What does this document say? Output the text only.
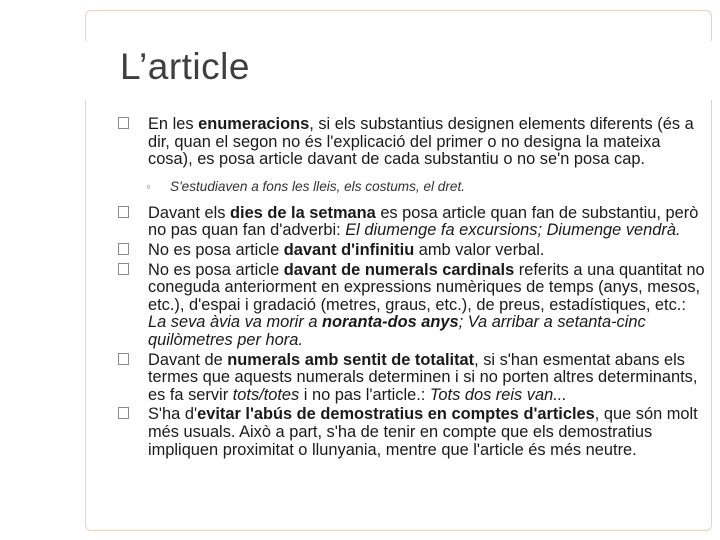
L’article
En les enumeracions, si els substantius designen elements diferents (és a dir, quan el segon no és l'explicació del primer o no designa la mateixa cosa), es posa article davant de cada substantiu o no se'n posa cap.
◦ S'estudiaven a fons les lleis, els costums, el dret.
Davant els dies de la setmana es posa article quan fan de substantiu, però no pas quan fan d'adverbi: El diumenge fa excursions; Diumenge vendrà.
No es posa article davant d'infinitiu amb valor verbal.
No es posa article davant de numerals cardinals referits a una quantitat no coneguda anteriorment en expressions numèriques de temps (anys, mesos, etc.), d'espai i gradació (metres, graus, etc.), de preus, estadístiques, etc.: La seva àvia va morir a noranta-dos anys; Va arribar a setanta-cinc quilòmetres per hora.
Davant de numerals amb sentit de totalitat, si s'han esmentat abans els termes que aquests numerals determinen i si no porten altres determinants, es fa servir tots/totes i no pas l'article.: Tots dos reis van...
S'ha d'evitar l'abús de demostratius en comptes d'articles, que són molt més usuals. Això a part, s'ha de tenir en compte que els demostratius impliquen proximitat o llunyania, mentre que l'article és més neutre.
